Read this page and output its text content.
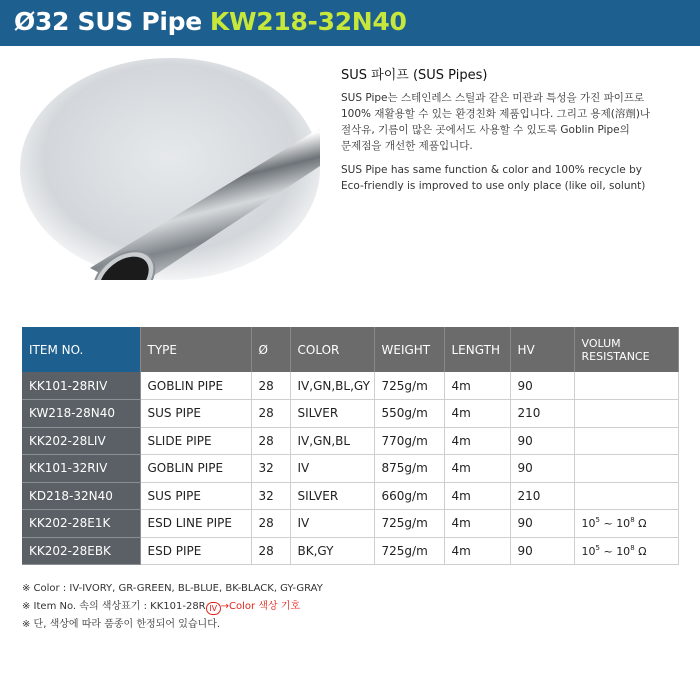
Ø32 SUS Pipe KW218-32N40
SUS 파이프 (SUS Pipes)
SUS Pipe는 스테인레스 스틸과 같은 미관과 특성을 가진 파이프로
100% 재활용할 수 있는 환경친화 제품입니다. 그리고 용제(溶劑)나
절삭유, 기름이 많은 곳에서도 사용할 수 있도록 Goblin Pipe의
문제점을 개선한 제품입니다.
SUS Pipe has same function & color and 100% recycle by
Eco-friendly is improved to use only place (like oil, solunt)
ITEM NO.	TYPE	Ø	COLOR	WEIGHT	LENGTH	HV	VOLUM
RESISTANCE

KK101-28RIV	GOBLIN PIPE	28	IV,GN,BL,GY	725g/m	4m	90	
KW218-28N40	SUS PIPE	28	SILVER	550g/m	4m	210	
KK202-28LIV	SLIDE PIPE	28	IV,GN,BL	770g/m	4m	90	
KK101-32RIV	GOBLIN PIPE	32	IV	875g/m	4m	90	
KD218-32N40	SUS PIPE	32	SILVER	660g/m	4m	210	
KK202-28E1K	ESD LINE PIPE	28	IV	725g/m	4m	90	$10^5$ ~ $10^8$ Ω
KK202-28EBK	ESD PIPE	28	BK,GY	725g/m	4m	90	$10^5$ ~ $10^8$ Ω
※ Color : IV-IVORY, GR-GREEN, BL-BLUE, BK-BLACK, GY-GRAY
※ Item No. 속의 색상표기 : KK101-28R IV →Color 색상 기호
※ 단, 색상에 따라 품종이 한정되어 있습니다.
